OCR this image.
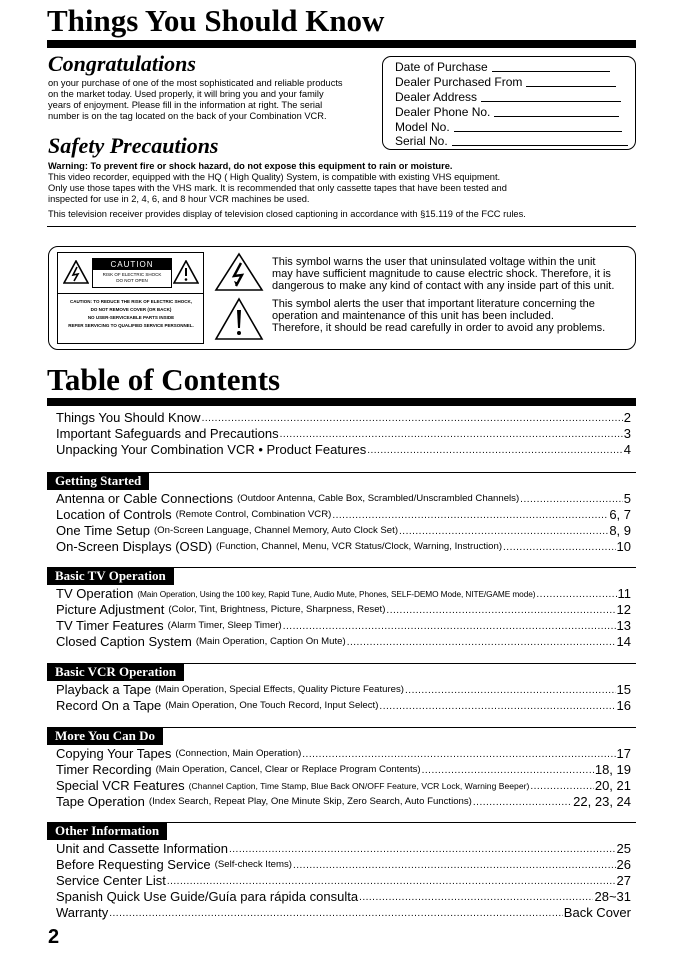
Things You Should Know
Congratulations
on your purchase of one of the most sophisticated and reliable products
on the market today. Used properly, it will bring you and your family
years of enjoyment. Please fill in the information at right. The serial
number is on the tag located on the back of your Combination VCR.
Date of Purchase
Dealer Purchased From
Dealer Address
Dealer Phone No.
Model No.
Serial No.
Safety Precautions
Warning: To prevent fire or shock hazard, do not expose this equipment to rain or moisture.
This video recorder, equipped with the HQ ( High Quality) System, is compatible with existing VHS equipment.
Only use those tapes with the VHS mark. It is recommended that only cassette tapes that have been tested and
inspected for use in 2, 4, 6, and 8 hour VCR machines be used.
This television receiver provides display of television closed captioning in accordance with §15.119 of the FCC rules.
CAUTION
RISK OF ELECTRIC SHOCK
DO NOT OPEN
CAUTION: TO REDUCE THE RISK OF ELECTRIC SHOCK,
DO NOT REMOVE COVER (OR BACK)
NO USER-SERVICEABLE PARTS INSIDE
REFER SERVICING TO QUALIFIED SERVICE PERSONNEL.
This symbol warns the user that uninsulated voltage within the unit
may have sufficient magnitude to cause electric shock. Therefore, it is
dangerous to make any kind of contact with any inside part of this unit.
This symbol alerts the user that important literature concerning the
operation and maintenance of this unit has been included.
Therefore, it should be read carefully in order to avoid any problems.
Table of Contents
Things You Should Know .....	2
Important Safeguards and Precautions .....	3
Unpacking Your Combination VCR • Product Features .....	4
Getting Started
Antenna or Cable Connections (Outdoor Antenna, Cable Box, Scrambled/Unscrambled Channels) .....	5
Location of Controls (Remote Control, Combination VCR) .....	6, 7
One Time Setup (On-Screen Language, Channel Memory, Auto Clock Set) .....	8, 9
On-Screen Displays (OSD) (Function, Channel, Menu, VCR Status/Clock, Warning, Instruction) .....	10
Basic TV Operation
TV Operation (Main Operation, Using the 100 key, Rapid Tune, Audio Mute, Phones, SELF-DEMO Mode, NITE/GAME mode) .....	11
Picture Adjustment (Color, Tint, Brightness, Picture, Sharpness, Reset) .....	12
TV Timer Features (Alarm Timer, Sleep Timer) .....	13
Closed Caption System (Main Operation, Caption On Mute) .....	14
Basic VCR Operation
Playback a Tape (Main Operation, Special Effects, Quality Picture Features) .....	15
Record On a Tape (Main Operation, One Touch Record, Input Select) .....	16
More You Can Do
Copying Your Tapes (Connection, Main Operation) .....	17
Timer Recording (Main Operation, Cancel, Clear or Replace Program Contents) .....	18, 19
Special VCR Features (Channel Caption, Time Stamp, Blue Back ON/OFF Feature, VCR Lock, Warning Beeper) .....	20, 21
Tape Operation (Index Search, Repeat Play, One Minute Skip, Zero Search, Auto Functions) .....	22, 23, 24
Other Information
Unit and Cassette Information .....	25
Before Requesting Service (Self-check Items) .....	26
Service Center List .....	27
Spanish Quick Use Guide/Guía para rápida consulta .....	28~31
Warranty .....	Back Cover
2
